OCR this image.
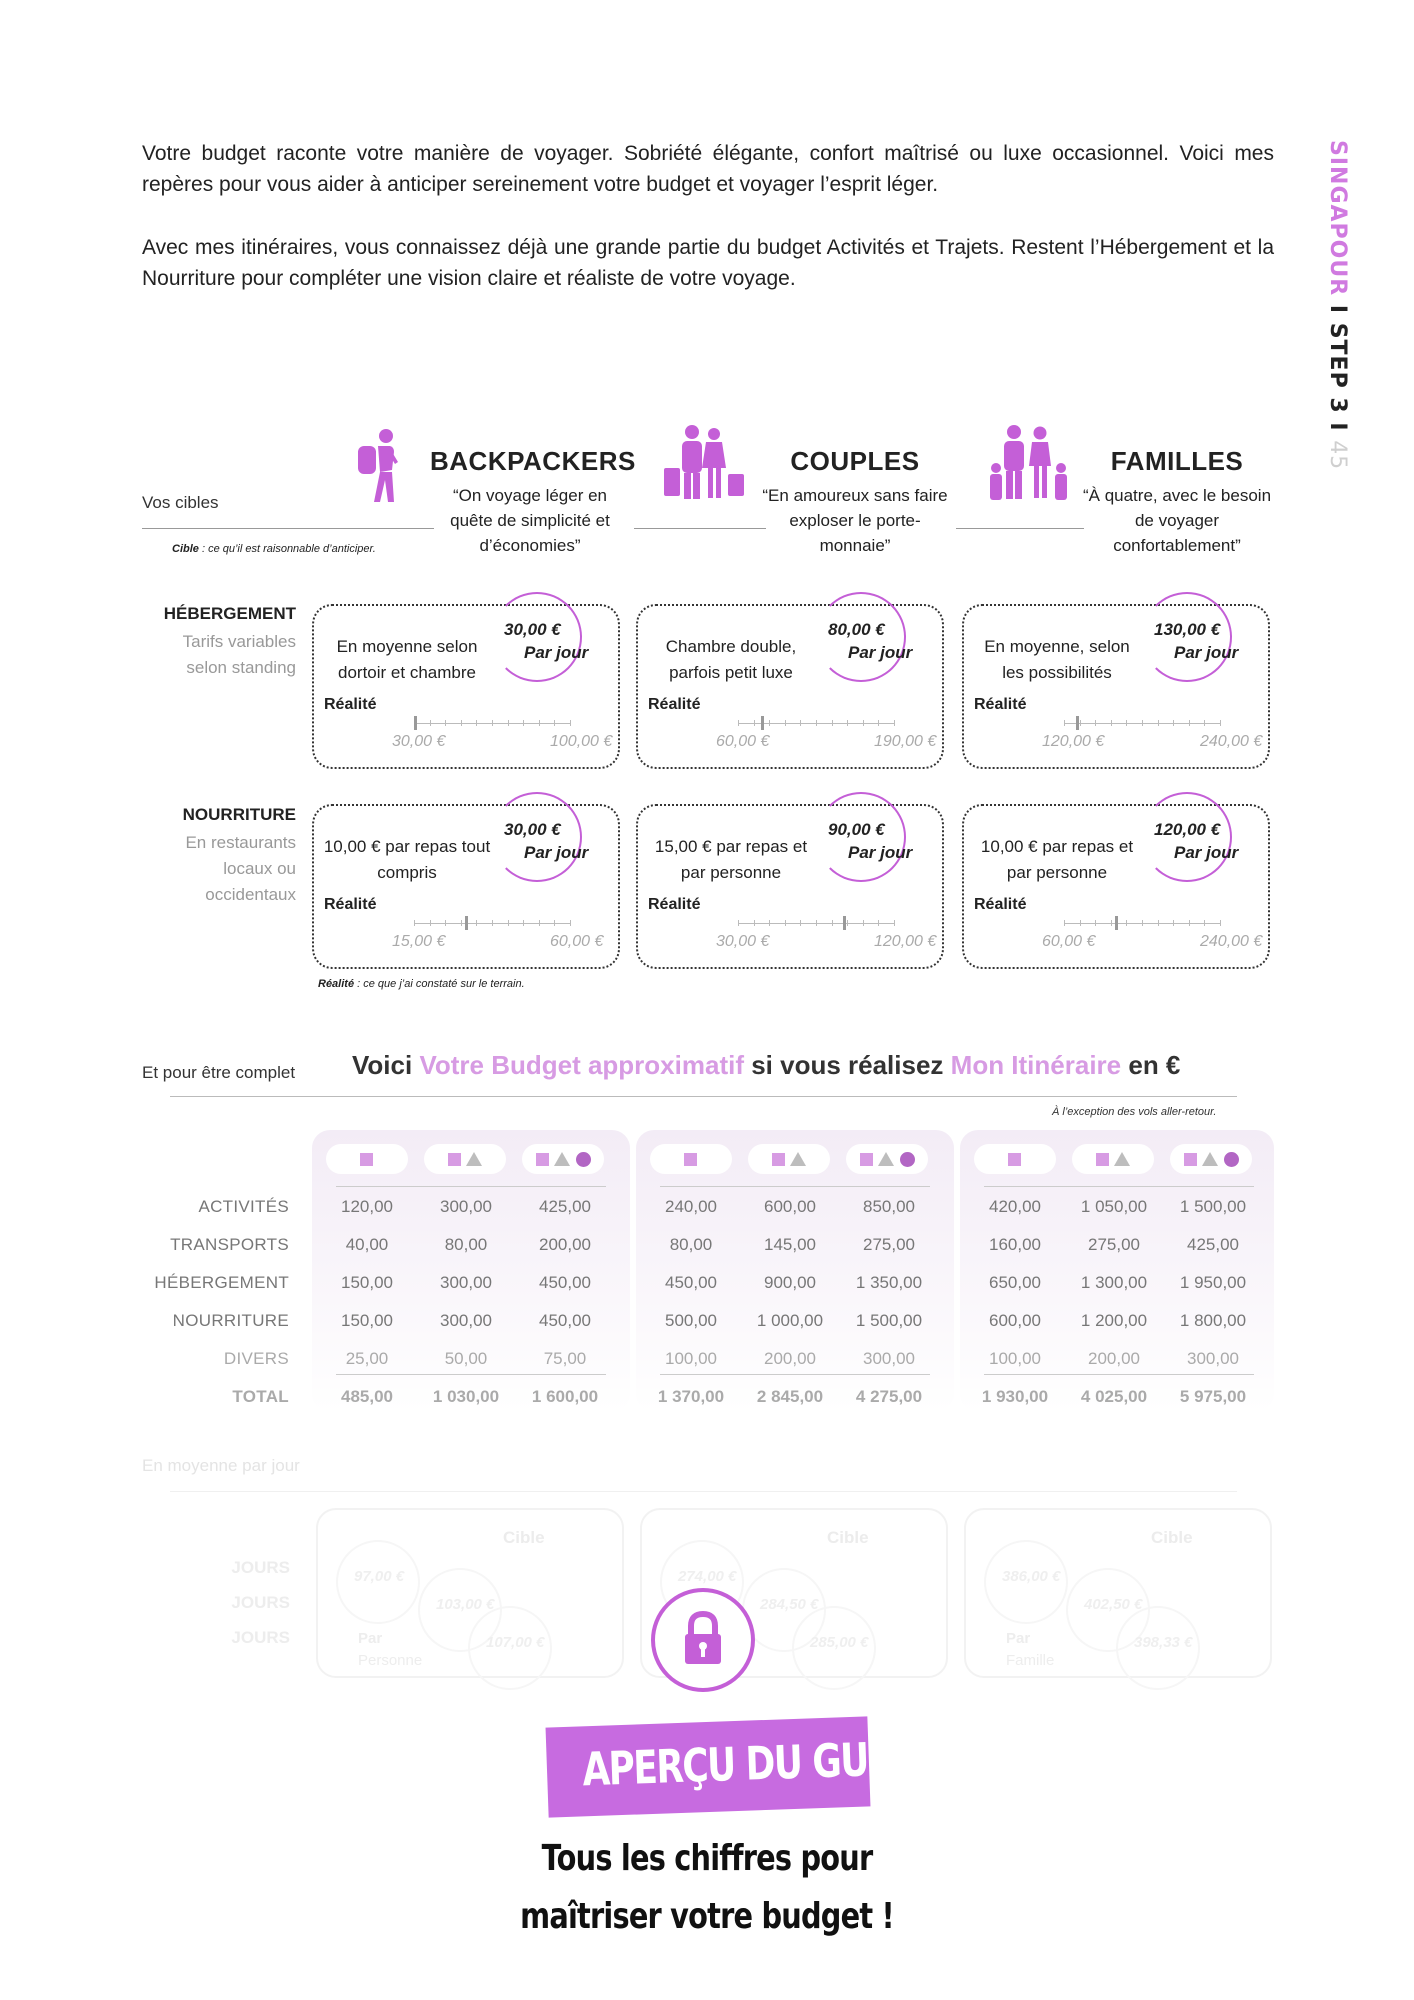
SINGAPOUR I STEP 3 I 45

Votre budget raconte votre manière de voyager. Sobriété élégante, confort maîtrisé ou luxe occasionnel. Voici mes repères pour vous aider à anticiper sereinement votre budget et voyager l’esprit léger.

Avec mes itinéraires, vous connaissez déjà une grande partie du budget Activités et Trajets. Restent l’Hébergement et la Nourriture pour compléter une vision claire et réaliste de votre voyage.

Vos cibles
Cible : ce qu’il est raisonnable d’anticiper.
BACKPACKERS
“On voyage léger en quête de simplicité et d’économies”
COUPLES
“En amoureux sans faire exploser le porte-monnaie”
FAMILLES
“À quatre, avec le besoin de voyager confortablement”
HÉBERGEMENT
Tarifs variables selon standing
En moyenne selon dortoir et chambre
30,00 €
Par jour
Réalité
30,00 €	100,00 €
Chambre double, parfois petit luxe
80,00 €
Par jour
Réalité
60,00 €	190,00 €
En moyenne, selon les possibilités
130,00 €
Par jour
Réalité
120,00 €	240,00 €
NOURRITURE
En restaurants locaux ou occidentaux
10,00 € par repas tout compris
30,00 €
Par jour
Réalité
15,00 €	60,00 €
15,00 € par repas et par personne
90,00 €
Par jour
Réalité
30,00 €	120,00 €
10,00 € par repas et par personne
120,00 €
Par jour
Réalité
60,00 €	240,00 €
Réalité : ce que j’ai constaté sur le terrain.
Et pour être complet Voici Votre Budget approximatif si vous réalisez Mon Itinéraire en €
À l’exception des vols aller-retour.
ACTIVITÉS	120,00	300,00	425,00	240,00	600,00	850,00	420,00	1 050,00	1 500,00
TRANSPORTS	40,00	80,00	200,00	80,00	145,00	275,00	160,00	275,00	425,00
HÉBERGEMENT	150,00	300,00	450,00	450,00	900,00	1 350,00	650,00	1 300,00	1 950,00
NOURRITURE	150,00	300,00	450,00	500,00	1 000,00	1 500,00	600,00	1 200,00	1 800,00
DIVERS	25,00	50,00	75,00	100,00	200,00	300,00	100,00	200,00	300,00
TOTAL	485,00	1 030,00	1 600,00	1 370,00	2 845,00	4 275,00	1 930,00	4 025,00	5 975,00
En moyenne par jour
JOURS
JOURS
JOURS
Cible
97,00 €
103,00 €
107,00 €
Par
Personne
Cible
274,00 €
284,50 €
285,00 €
Cible
386,00 €
402,50 €
398,33 €
Par
Famille
APERÇU DU GUIDE
Tous les chiffres pour
maîtriser votre budget !
